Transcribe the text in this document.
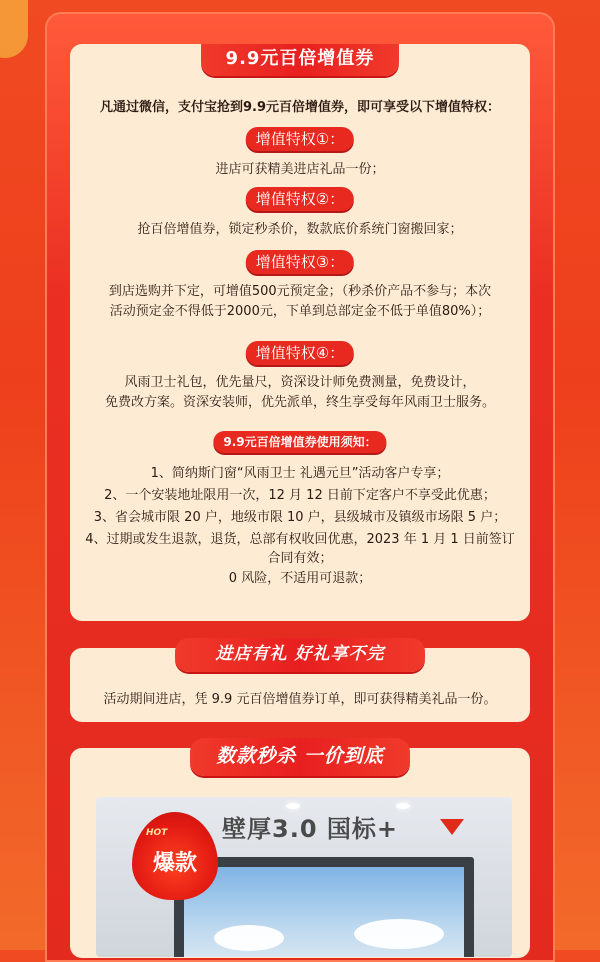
9.9元百倍增值券
凡通过微信，支付宝抢到9.9元百倍增值券，即可享受以下增值特权：
增值特权①：
进店可获精美进店礼品一份；
增值特权②：
抢百倍增值券，锁定秒杀价，数款底价系统门窗搬回家；
增值特权③：
到店选购并下定，可增值500元预定金；（秒杀价产品不参与；本次
活动预定金不得低于2000元，下单到总部定金不低于单值80%）；
增值特权④：
风雨卫士礼包，优先量尺，资深设计师免费测量，免费设计，
免费改方案。资深安装师，优先派单，终生享受每年风雨卫士服务。
9.9元百倍增值券使用须知：
1、简纳斯门窗“风雨卫士 礼遇元旦”活动客户专享；
2、一个安装地址限用一次，12 月 12 日前下定客户不享受此优惠；
3、省会城市限 20 户，地级市限 10 户，县级城市及镇级市场限 5 户；
4、过期或发生退款，退货，总部有权收回优惠，2023 年 1 月 1 日前签订
合同有效；
0 风险，不适用可退款；
进店有礼 好礼享不完
活动期间进店，凭 9.9 元百倍增值券订单，即可获得精美礼品一份。
数款秒杀 一价到底
壁厚3.0 国标+
HOT
爆款
